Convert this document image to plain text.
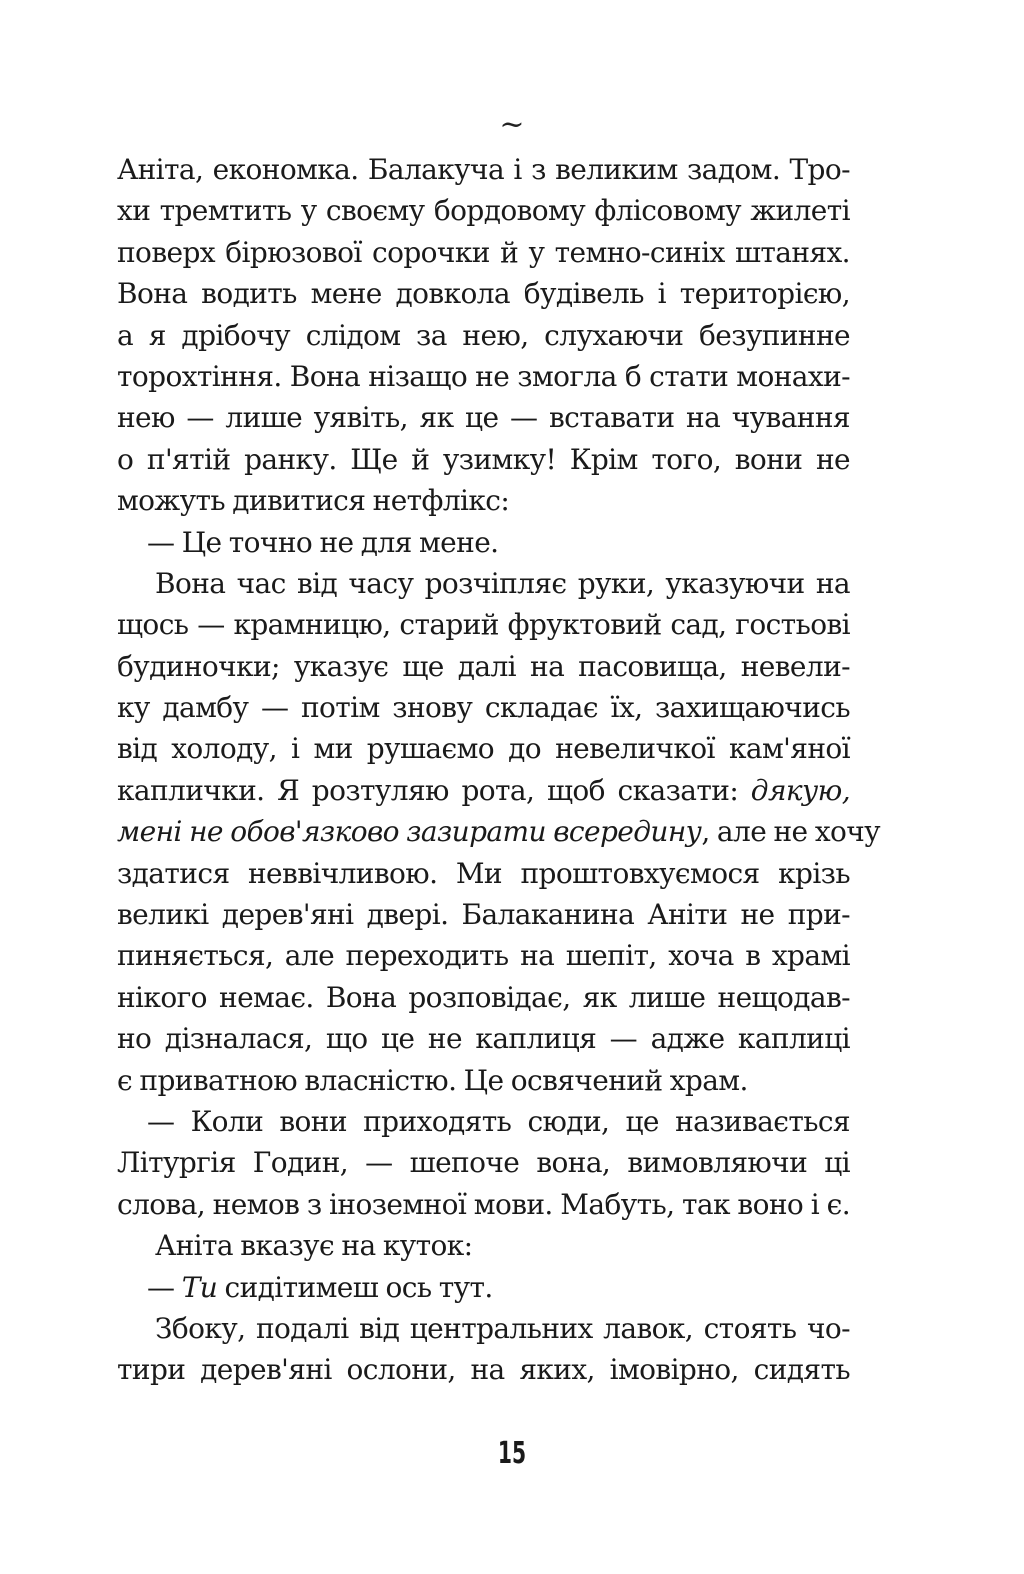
~
Аніта, економка. Балакуча і з великим задом. Тро-
хи тремтить у своєму бордовому флісовому жилеті
поверх бірюзової сорочки й у темно-синіх штанях.
Вона водить мене довкола будівель і територією,
а я дрібочу слідом за нею, слухаючи безупинне
торохтіння. Вона нізащо не змогла б стати монахи-
нею — лише уявіть, як це — вставати на чування
о п'ятій ранку. Ще й узимку! Крім того, вони не
можуть дивитися нетфлікс:
— Це точно не для мене.
Вона час від часу розчіпляє руки, указуючи на
щось — крамницю, старий фруктовий сад, гостьові
будиночки; указує ще далі на пасовища, невели-
ку дамбу — потім знову складає їх, захищаючись
від холоду, і ми рушаємо до невеличкої кам'яної
каплички. Я розтуляю рота, щоб сказати: дякую,
мені не обов'язково зазирати всередину, але не хочу
здатися неввічливою. Ми проштовхуємося крізь
великі дерев'яні двері. Балаканина Аніти не при-
пиняється, але переходить на шепіт, хоча в храмі
нікого немає. Вона розповідає, як лише нещодав-
но дізналася, що це не каплиця — адже каплиці
є приватною власністю. Це освячений храм.
— Коли вони приходять сюди, це називається
Літургія Годин, — шепоче вона, вимовляючи ці
слова, немов з іноземної мови. Мабуть, так воно і є.
Аніта вказує на куток:
— Ти сидітимеш ось тут.
Збоку, подалі від центральних лавок, стоять чо-
тири дерев'яні ослони, на яких, імовірно, сидять
15
